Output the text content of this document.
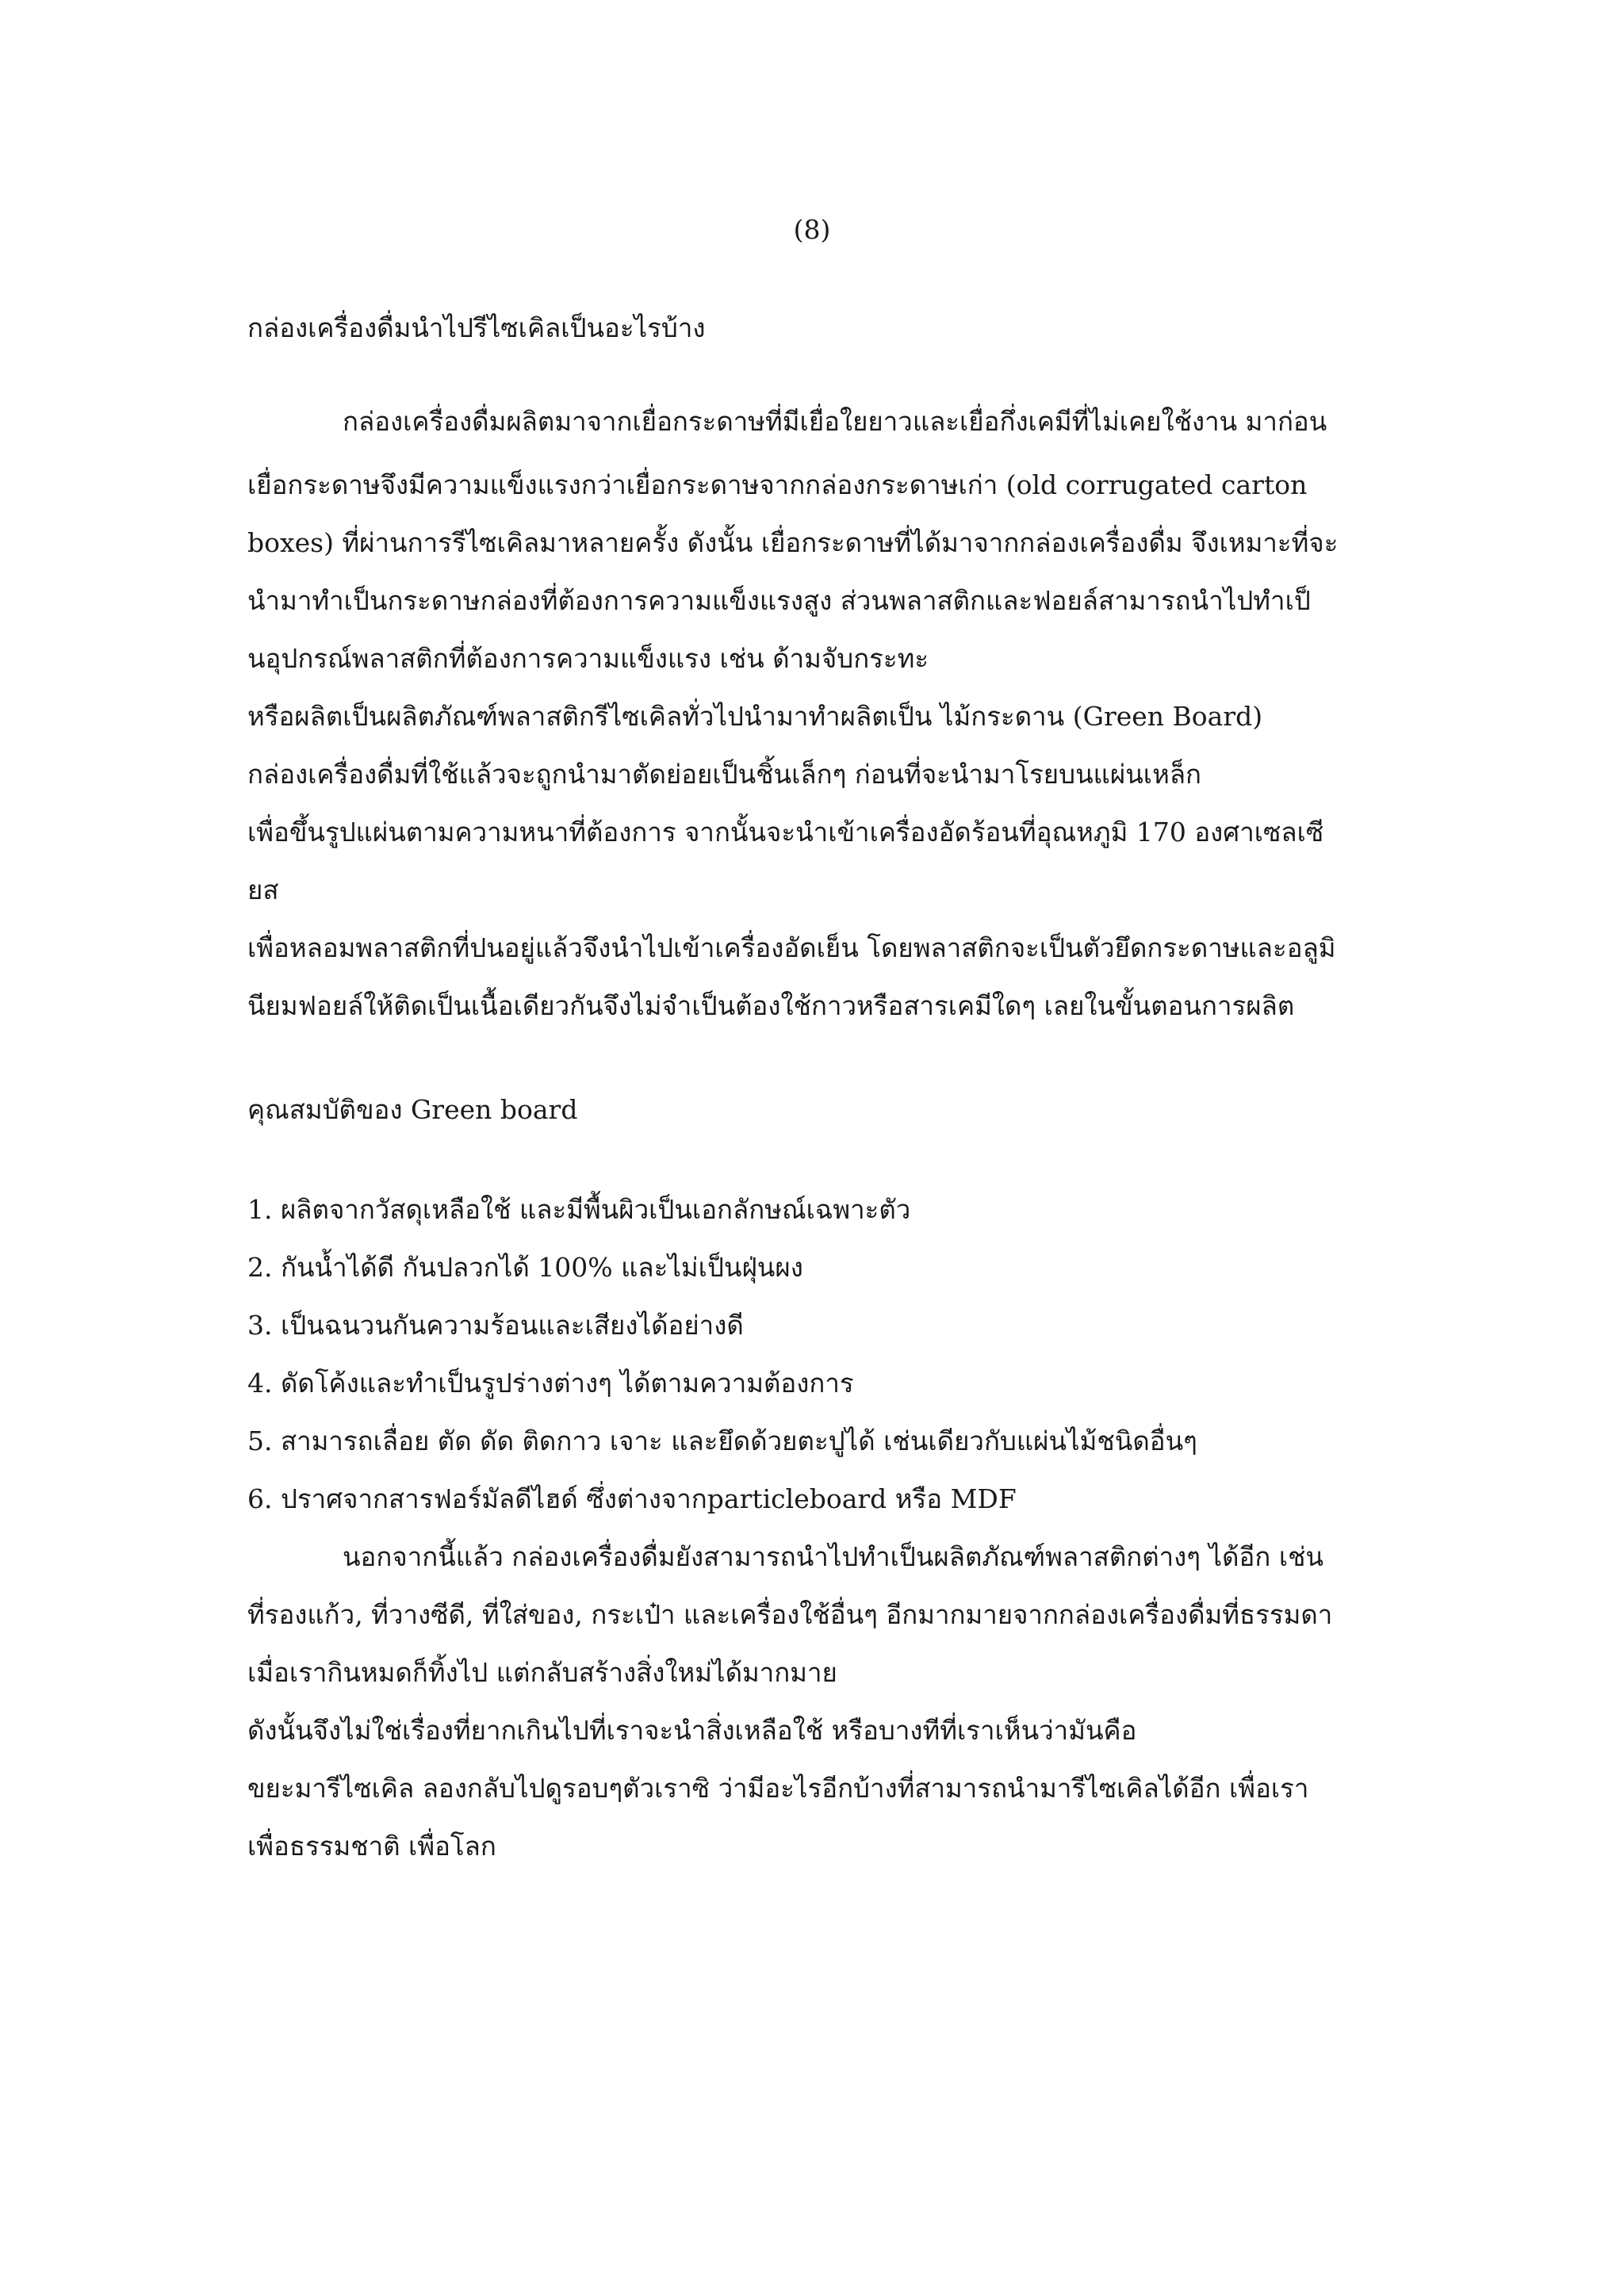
(8)
กล่องเครื่องดื่มนำไปรีไซเคิลเป็นอะไรบ้าง
กล่องเครื่องดื่มผลิตมาจากเยื่อกระดาษที่มีเยื่อใยยาวและเยื่อกึ่งเคมีที่ไม่เคยใช้งาน มาก่อน
เยื่อกระดาษจึงมีความแข็งแรงกว่าเยื่อกระดาษจากกล่องกระดาษเก่า (old corrugated carton
boxes) ที่ผ่านการรีไซเคิลมาหลายครั้ง ดังนั้น เยื่อกระดาษที่ได้มาจากกล่องเครื่องดื่ม จึงเหมาะที่จะ
นำมาทำเป็นกระดาษกล่องที่ต้องการความแข็งแรงสูง ส่วนพลาสติกและฟอยล์สามารถนำไปทำเป็
นอุปกรณ์พลาสติกที่ต้องการความแข็งแรง เช่น ด้ามจับกระทะ
หรือผลิตเป็นผลิตภัณฑ์พลาสติกรีไซเคิลทั่วไปนำมาทำผลิตเป็น ไม้กระดาน (Green Board)
กล่องเครื่องดื่มที่ใช้แล้วจะถูกนำมาตัดย่อยเป็นชิ้นเล็กๆ ก่อนที่จะนำมาโรยบนแผ่นเหล็ก
เพื่อขึ้นรูปแผ่นตามความหนาที่ต้องการ จากนั้นจะนำเข้าเครื่องอัดร้อนที่อุณหภูมิ 170 องศาเซลเซี
ยส
เพื่อหลอมพลาสติกที่ปนอยู่แล้วจึงนำไปเข้าเครื่องอัดเย็น โดยพลาสติกจะเป็นตัวยึดกระดาษและอลูมิ
นียมฟอยล์ให้ติดเป็นเนื้อเดียวกันจึงไม่จำเป็นต้องใช้กาวหรือสารเคมีใดๆ เลยในขั้นตอนการผลิต
คุณสมบัติของ Green board
1. ผลิตจากวัสดุเหลือใช้ และมีพื้นผิวเป็นเอกลักษณ์เฉพาะตัว
2. กันน้ำได้ดี กันปลวกได้ 100% และไม่เป็นฝุ่นผง
3. เป็นฉนวนกันความร้อนและเสียงได้อย่างดี
4. ดัดโค้งและทำเป็นรูปร่างต่างๆ ได้ตามความต้องการ
5. สามารถเลื่อย ตัด ดัด ติดกาว เจาะ และยึดด้วยตะปูได้ เช่นเดียวกับแผ่นไม้ชนิดอื่นๆ
6. ปราศจากสารฟอร์มัลดีไฮด์ ซึ่งต่างจากparticleboard หรือ MDF
นอกจากนี้แล้ว กล่องเครื่องดื่มยังสามารถนำไปทำเป็นผลิตภัณฑ์พลาสติกต่างๆ ได้อีก เช่น
ที่รองแก้ว, ที่วางซีดี, ที่ใส่ของ, กระเป๋า และเครื่องใช้อื่นๆ อีกมากมายจากกล่องเครื่องดื่มที่ธรรมดา
เมื่อเรากินหมดก็ทิ้งไป แต่กลับสร้างสิ่งใหม่ได้มากมาย
ดังนั้นจึงไม่ใช่เรื่องที่ยากเกินไปที่เราจะนำสิ่งเหลือใช้ หรือบางทีที่เราเห็นว่ามันคือ
ขยะมารีไซเคิล ลองกลับไปดูรอบๆตัวเราซิ ว่ามีอะไรอีกบ้างที่สามารถนำมารีไซเคิลได้อีก เพื่อเรา
เพื่อธรรมชาติ เพื่อโลก
